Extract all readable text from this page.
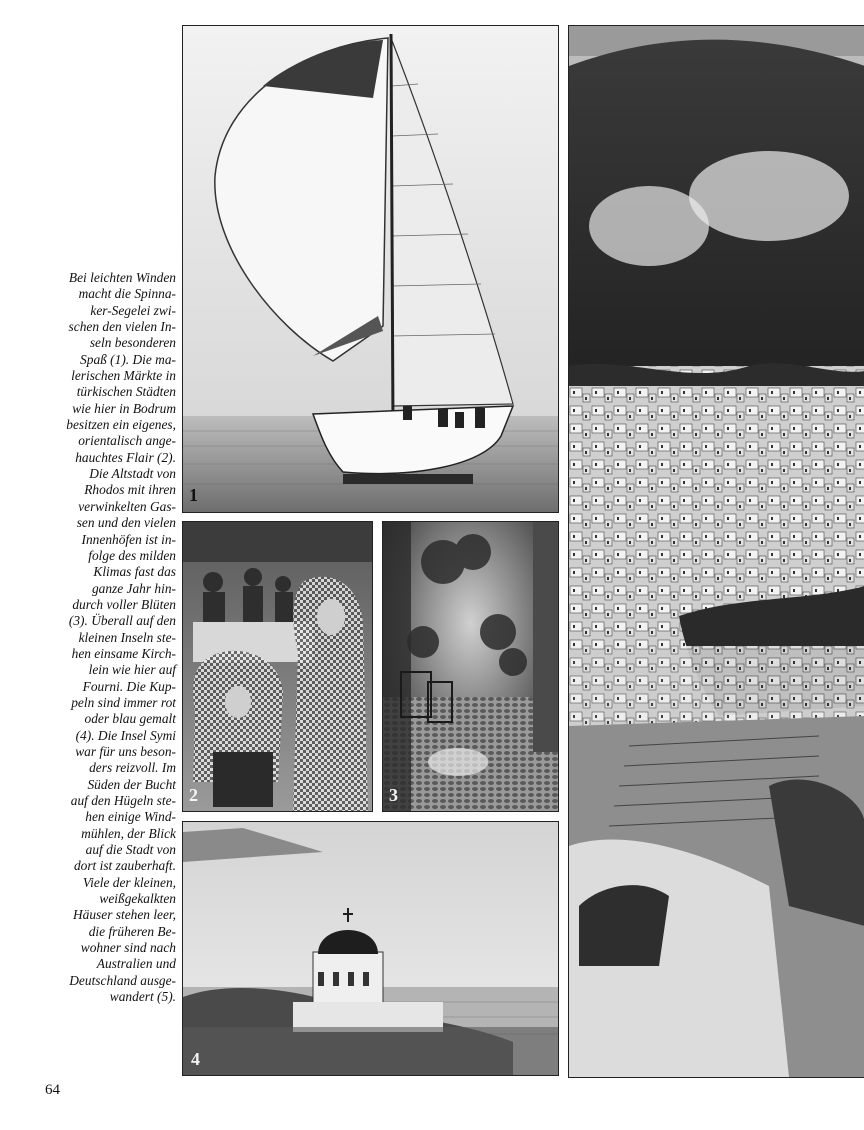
Bei leichten Winden
macht die Spinna-
ker-Segelei zwi-
schen den vielen In-
seln besonderen
Spaß (1). Die ma-
lerischen Märkte in
türkischen Städten
wie hier in Bodrum
besitzen ein eigenes,
orientalisch ange-
hauchtes Flair (2).
Die Altstadt von
Rhodos mit ihren
verwinkelten Gas-
sen und den vielen
Innenhöfen ist in-
folge des milden
Klimas fast das
ganze Jahr hin-
durch voller Blüten
(3). Überall auf den
kleinen Inseln ste-
hen einsame Kirch-
lein wie hier auf
Fourni. Die Kup-
peln sind immer rot
oder blau gemalt
(4). Die Insel Symi
war für uns beson-
ders reizvoll. Im
Süden der Bucht
auf den Hügeln ste-
hen einige Wind-
mühlen, der Blick
auf die Stadt von
dort ist zauberhaft.
Viele der kleinen,
weißgekalkten
Häuser stehen leer,
die früheren Be-
wohner sind nach
Australien und
Deutschland ausge-
wandert (5).
1
2	3
4
64
